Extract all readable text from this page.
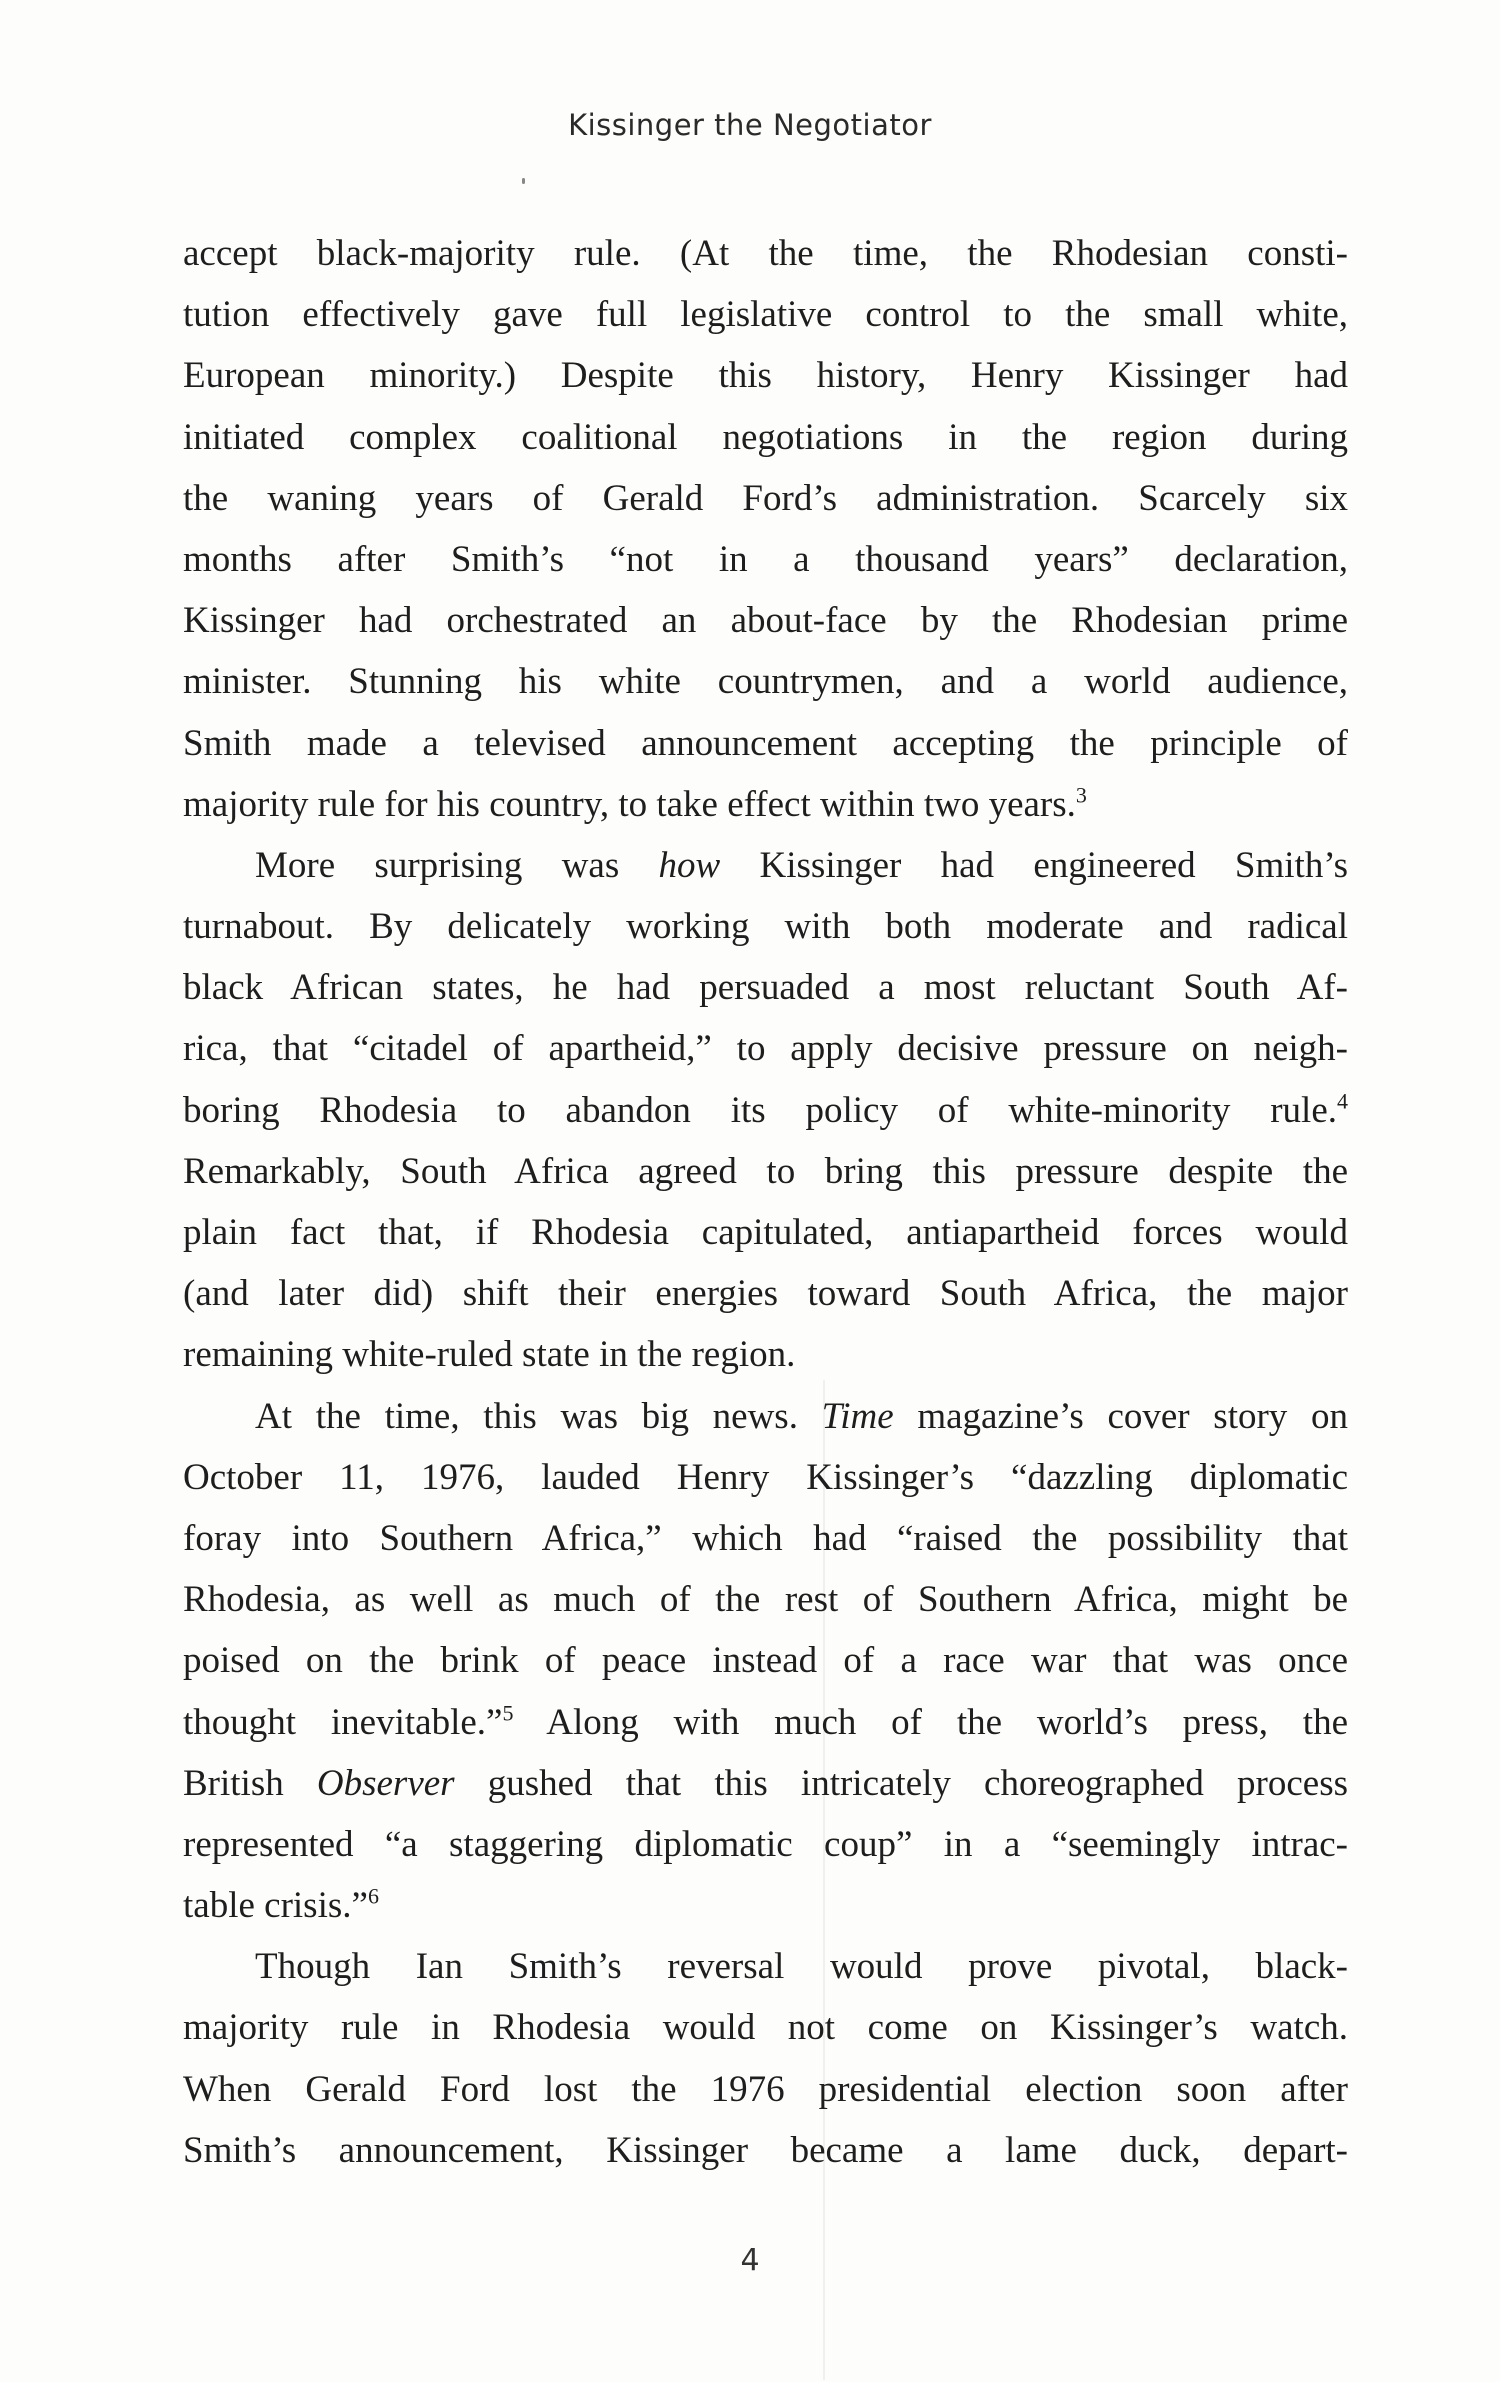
Kissinger the Negotiator
accept black-majority rule. (At the time, the Rhodesian consti-
tution effectively gave full legislative control to the small white,
European minority.) Despite this history, Henry Kissinger had
initiated complex coalitional negotiations in the region during
the waning years of Gerald Ford’s administration. Scarcely six
months after Smith’s “not in a thousand years” declaration,
Kissinger had orchestrated an about-face by the Rhodesian prime
minister. Stunning his white countrymen, and a world audience,
Smith made a televised announcement accepting the principle of
majority rule for his country, to take effect within two years.$^3$
More surprising was how Kissinger had engineered Smith’s
turnabout. By delicately working with both moderate and radical
black African states, he had persuaded a most reluctant South Af-
rica, that “citadel of apartheid,” to apply decisive pressure on neigh-
boring Rhodesia to abandon its policy of white-minority rule.$^4$
Remarkably, South Africa agreed to bring this pressure despite the
plain fact that, if Rhodesia capitulated, antiapartheid forces would
(and later did) shift their energies toward South Africa, the major
remaining white-ruled state in the region.
At the time, this was big news. Time magazine’s cover story on
October 11, 1976, lauded Henry Kissinger’s “dazzling diplomatic
foray into Southern Africa,” which had “raised the possibility that
Rhodesia, as well as much of the rest of Southern Africa, might be
poised on the brink of peace instead of a race war that was once
thought inevitable.”$^5$ Along with much of the world’s press, the
British Observer gushed that this intricately choreographed process
represented “a staggering diplomatic coup” in a “seemingly intrac-
table crisis.”$^6$
Though Ian Smith’s reversal would prove pivotal, black-
majority rule in Rhodesia would not come on Kissinger’s watch.
When Gerald Ford lost the 1976 presidential election soon after
Smith’s announcement, Kissinger became a lame duck, depart-
4
